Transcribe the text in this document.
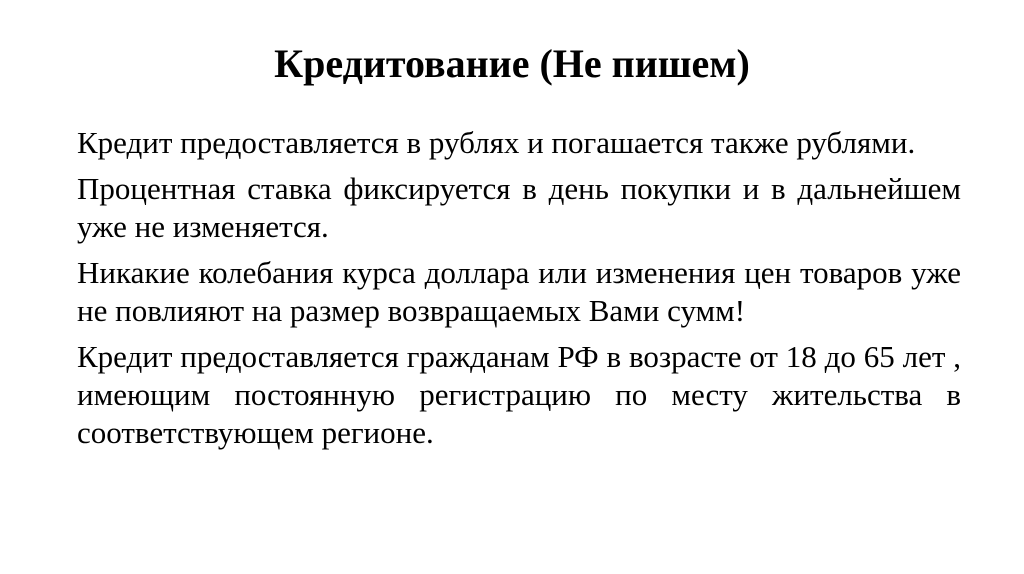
Кредитование (Не пишем)

Кредит предоставляется в рублях и погашается также рублями.

Процентная ставка фиксируется в день покупки и в дальнейшем уже не изменяется.

Никакие колебания курса доллара или изменения цен товаров уже не повлияют на размер возвращаемых Вами сумм!

Кредит предоставляется гражданам РФ в возрасте от 18 до 65 лет , имеющим постоянную регистрацию по месту жительства в соответствующем регионе.
